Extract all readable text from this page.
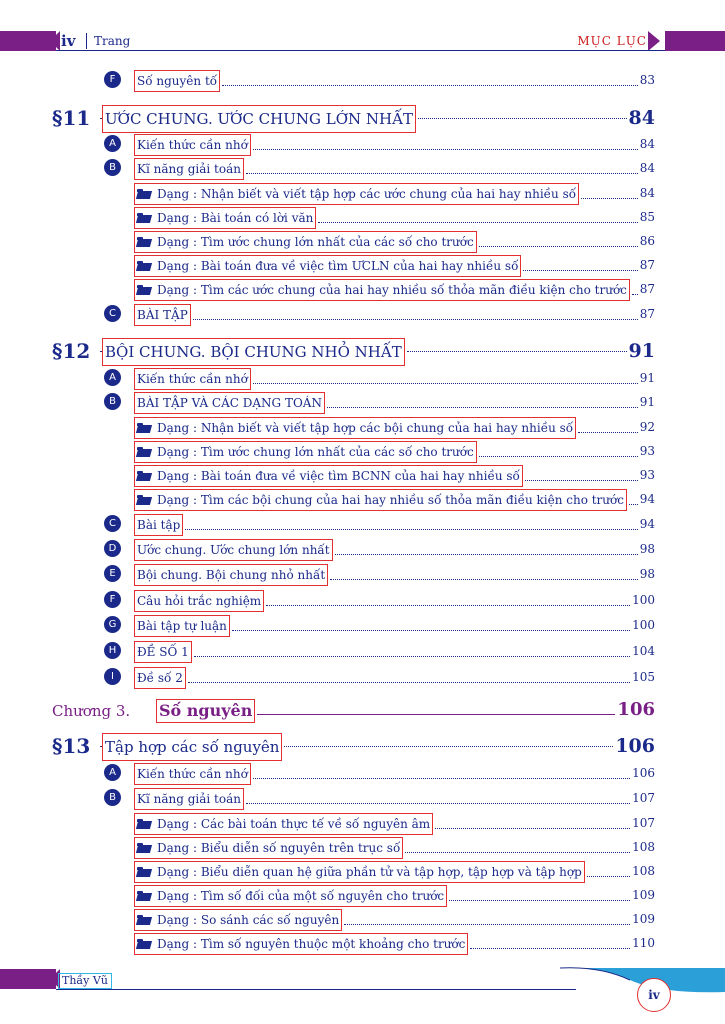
iv Trang	MỤC LỤC
F	Số nguyên tố	83
§11 ƯỚC CHUNG. ƯỚC CHUNG LỚN NHẤT	84
A	Kiến thức cần nhớ	84
B	Kĩ năng giải toán	84
Dạng : Nhận biết và viết tập hợp các ước chung của hai hay nhiều số	84
Dạng : Bài toán có lời văn	85
Dạng : Tìm ước chung lớn nhất của các số cho trước	86
Dạng : Bài toán đưa về việc tìm ƯCLN của hai hay nhiều số	87
Dạng : Tìm các ước chung của hai hay nhiều số thỏa mãn điều kiện cho trước 87
C	BÀI TẬP	87
§12 BỘI CHUNG. BỘI CHUNG NHỎ NHẤT	91
A	Kiến thức cần nhớ	91
B	BÀI TẬP VÀ CÁC DẠNG TOÁN	91
Dạng : Nhận biết và viết tập hợp các bội chung của hai hay nhiều số	92
Dạng : Tìm ước chung lớn nhất của các số cho trước	93
Dạng : Bài toán đưa về việc tìm BCNN của hai hay nhiều số	93
Dạng : Tìm các bội chung của hai hay nhiều số thỏa mãn điều kiện cho trước 94
C	Bài tập	94
D	Ước chung. Ước chung lớn nhất	98
E	Bội chung. Bội chung nhỏ nhất	98
F	Câu hỏi trắc nghiệm	100
G	Bài tập tự luận	100
H	ĐỀ SỐ 1	104
I	Đề số 2	105
Chương 3. Số nguyên	106
§13 Tập hợp các số nguyên	106
A	Kiến thức cần nhớ	106
B	Kĩ năng giải toán	107
Dạng : Các bài toán thực tế về số nguyên âm	107
Dạng : Biểu diễn số nguyên trên trục số	108
Dạng : Biểu diễn quan hệ giữa phần tử và tập hợp, tập hợp và tập hợp	108
Dạng : Tìm số đối của một số nguyên cho trước	109
Dạng : So sánh các số nguyên	109
Dạng : Tìm số nguyên thuộc một khoảng cho trước	110
Thầy Vũ
iv
